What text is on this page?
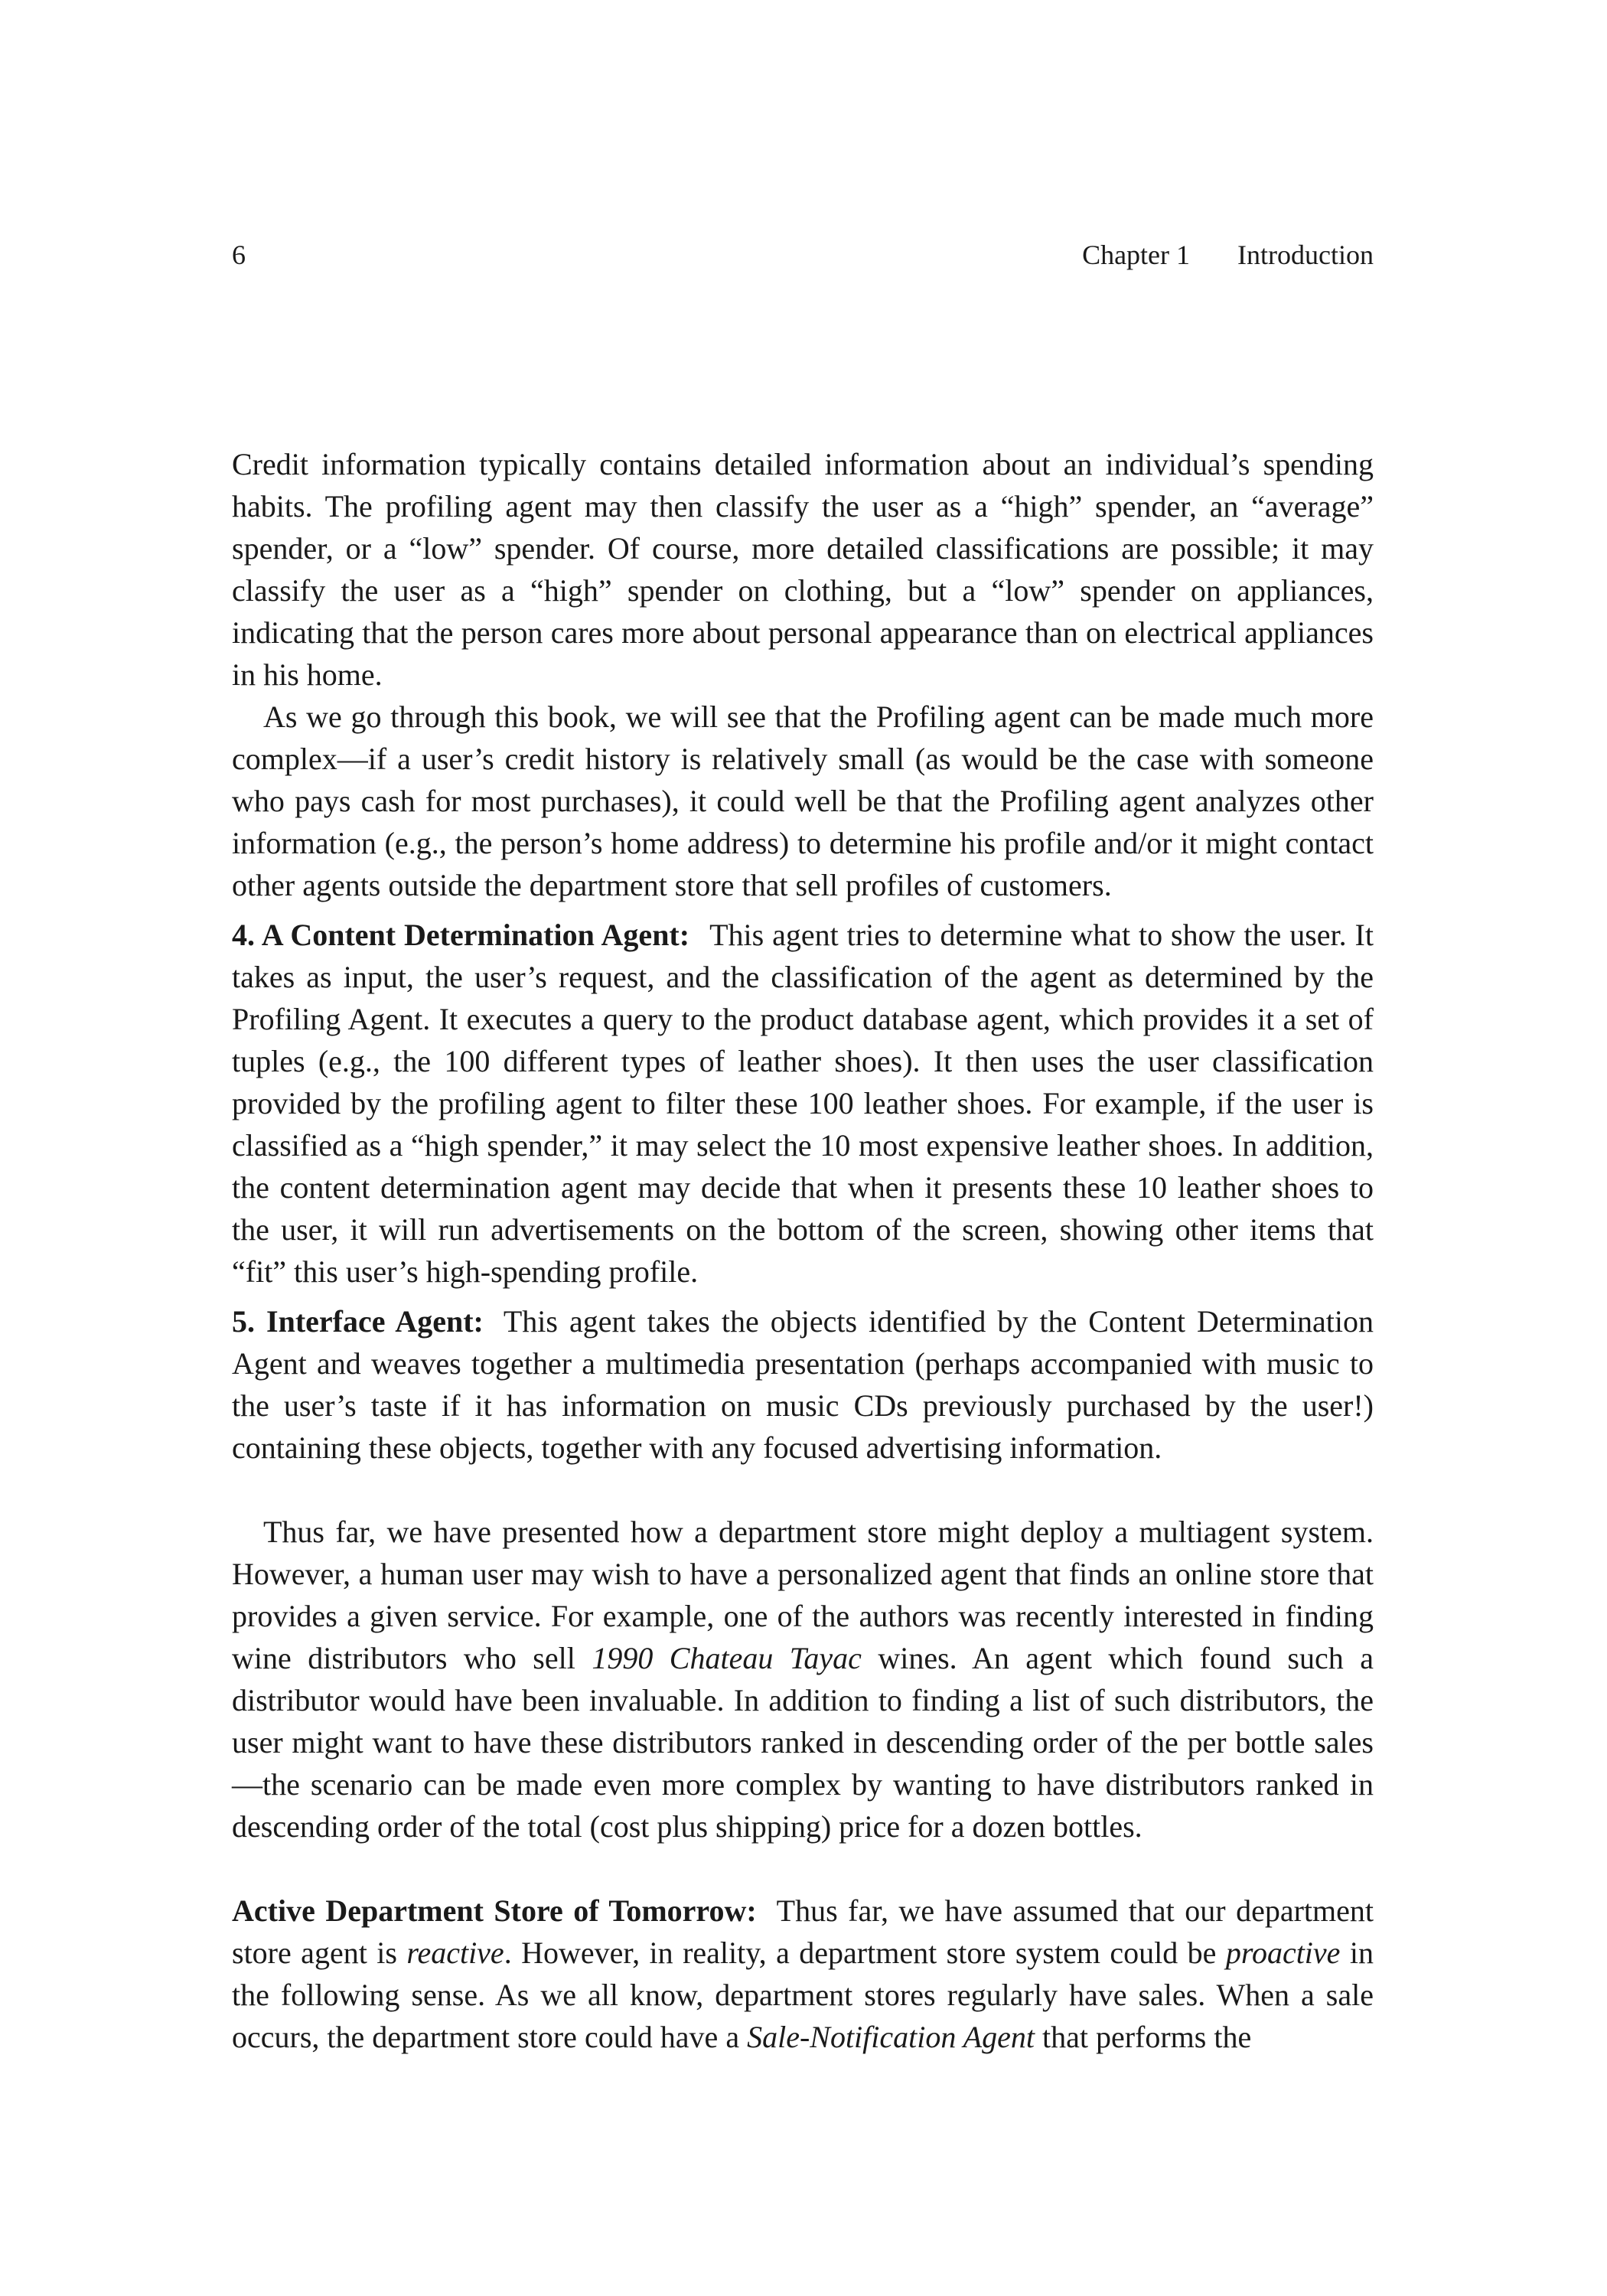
6	Chapter 1 Introduction

Credit information typically contains detailed information about an individual’s spending habits. The profiling agent may then classify the user as a “high” spender, an “average” spender, or a “low” spender. Of course, more detailed classifications are possible; it may classify the user as a “high” spender on clothing, but a “low” spender on appliances, indicating that the person cares more about personal appearance than on electrical appliances in his home.

As we go through this book, we will see that the Profiling agent can be made much more complex—if a user’s credit history is relatively small (as would be the case with someone who pays cash for most purchases), it could well be that the Profiling agent analyzes other information (e.g., the person’s home address) to determine his profile and/or it might contact other agents outside the department store that sell profiles of customers.

4. A Content Determination Agent: This agent tries to determine what to show the user. It takes as input, the user’s request, and the classification of the agent as determined by the Profiling Agent. It executes a query to the product database agent, which provides it a set of tuples (e.g., the 100 different types of leather shoes). It then uses the user classification provided by the profiling agent to filter these 100 leather shoes. For example, if the user is classified as a “high spender,” it may select the 10 most expensive leather shoes. In addition, the content determination agent may decide that when it presents these 10 leather shoes to the user, it will run advertisements on the bottom of the screen, showing other items that “fit” this user’s high-spending profile.

5. Interface Agent: This agent takes the objects identified by the Content Determination Agent and weaves together a multimedia presentation (perhaps accompanied with music to the user’s taste if it has information on music CDs previously purchased by the user!) containing these objects, together with any focused advertising information.

Thus far, we have presented how a department store might deploy a multiagent system. However, a human user may wish to have a personalized agent that finds an online store that provides a given service. For example, one of the authors was recently interested in finding wine distributors who sell 1990 Chateau Tayac wines. An agent which found such a distributor would have been invaluable. In addition to finding a list of such distributors, the user might want to have these distributors ranked in descending order of the per bottle sales—the scenario can be made even more complex by wanting to have distributors ranked in descending order of the total (cost plus shipping) price for a dozen bottles.

Active Department Store of Tomorrow: Thus far, we have assumed that our department store agent is reactive. However, in reality, a department store system could be proactive in the following sense. As we all know, department stores regularly have sales. When a sale occurs, the department store could have a Sale-Notification Agent that performs the
